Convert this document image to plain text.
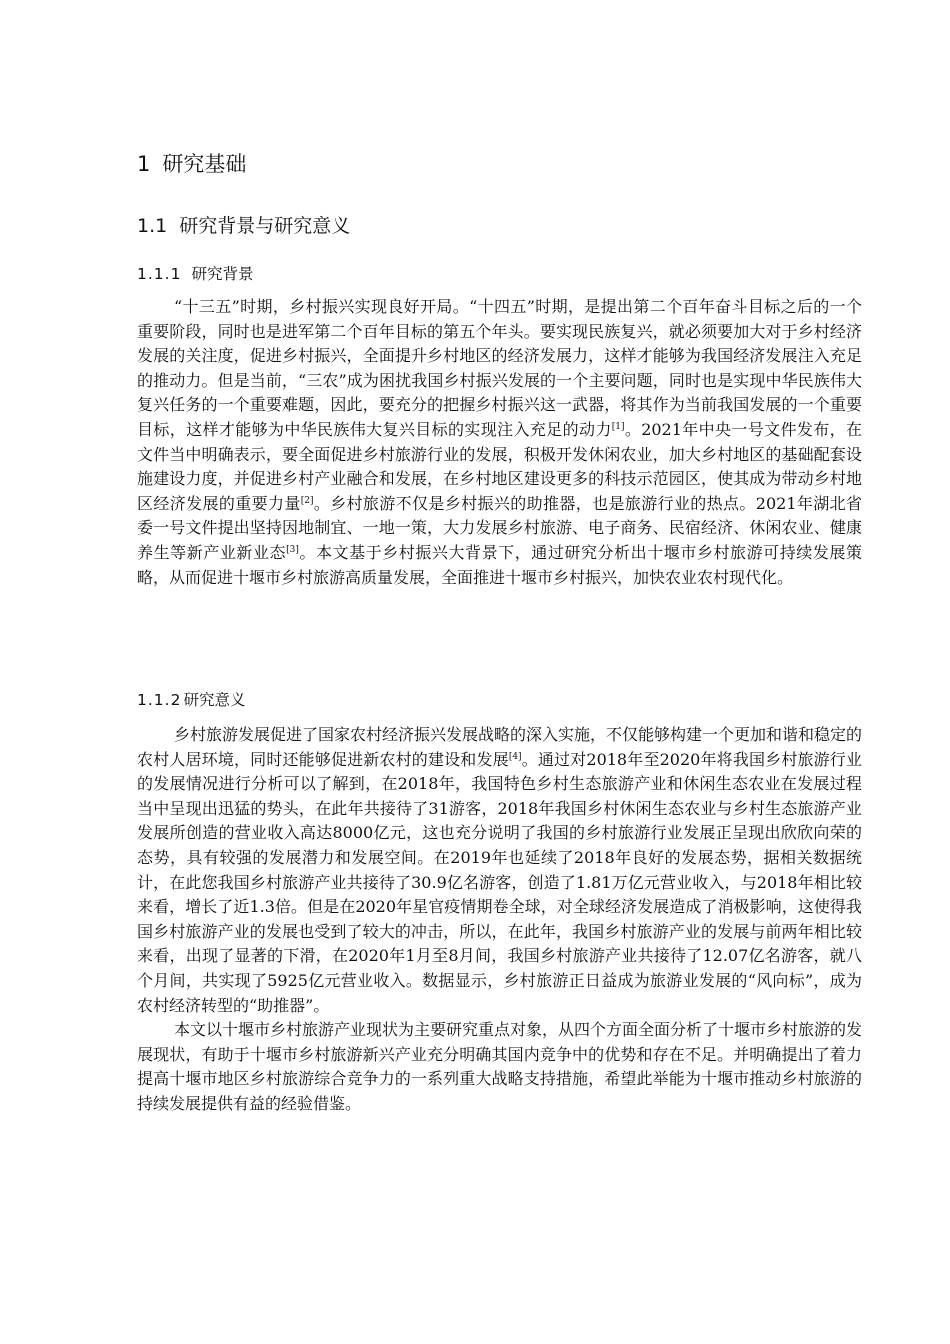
1 研究基础
1.1 研究背景与研究意义
1.1.1 研究背景

“十三五”时期，乡村振兴实现良好开局。“十四五”时期，是提出第二个百年奋斗目标之后的一个重要阶段，同时也是进军第二个百年目标的第五个年头。要实现民族复兴，就必须要加大对于乡村经济发展的关注度，促进乡村振兴，全面提升乡村地区的经济发展力，这样才能够为我国经济发展注入充足的推动力。但是当前，“三农”成为困扰我国乡村振兴发展的一个主要问题，同时也是实现中华民族伟大复兴任务的一个重要难题，因此，要充分的把握乡村振兴这一武器，将其作为当前我国发展的一个重要目标，这样才能够为中华民族伟大复兴目标的实现注入充足的动力[1]。2021年中央一号文件发布，在文件当中明确表示，要全面促进乡村旅游行业的发展，积极开发休闲农业，加大乡村地区的基础配套设施建设力度，并促进乡村产业融合和发展，在乡村地区建设更多的科技示范园区，使其成为带动乡村地区经济发展的重要力量[2]。乡村旅游不仅是乡村振兴的助推器，也是旅游行业的热点。2021年湖北省委一号文件提出坚持因地制宜、一地一策，大力发展乡村旅游、电子商务、民宿经济、休闲农业、健康养生等新产业新业态[3]。本文基于乡村振兴大背景下，通过研究分析出十堰市乡村旅游可持续发展策略，从而促进十堰市乡村旅游高质量发展，全面推进十堰市乡村振兴，加快农业农村现代化。

1.1.2 研究意义

乡村旅游发展促进了国家农村经济振兴发展战略的深入实施，不仅能够构建一个更加和谐和稳定的农村人居环境，同时还能够促进新农村的建设和发展[4]。通过对2018年至2020年将我国乡村旅游行业的发展情况进行分析可以了解到，在2018年，我国特色乡村生态旅游产业和休闲生态农业在发展过程当中呈现出迅猛的势头，在此年共接待了31游客，2018年我国乡村休闲生态农业与乡村生态旅游产业发展所创造的营业收入高达8000亿元，这也充分说明了我国的乡村旅游行业发展正呈现出欣欣向荣的态势，具有较强的发展潜力和发展空间。在2019年也延续了2018年良好的发展态势，据相关数据统计，在此您我国乡村旅游产业共接待了30.9亿名游客，创造了1.81万亿元营业收入，与2018年相比较来看，增长了近1.3倍。但是在2020年星官疫情期卷全球，对全球经济发展造成了消极影响，这使得我国乡村旅游产业的发展也受到了较大的冲击，所以，在此年，我国乡村旅游产业的发展与前两年相比较来看，出现了显著的下滑，在2020年1月至8月间，我国乡村旅游产业共接待了12.07亿名游客，就八个月间，共实现了5925亿元营业收入。数据显示，乡村旅游正日益成为旅游业发展的“风向标”，成为农村经济转型的“助推器”。

本文以十堰市乡村旅游产业现状为主要研究重点对象，从四个方面全面分析了十堰市乡村旅游的发展现状，有助于十堰市乡村旅游新兴产业充分明确其国内竞争中的优势和存在不足。并明确提出了着力提高十堰市地区乡村旅游综合竞争力的一系列重大战略支持措施，希望此举能为十堰市推动乡村旅游的持续发展提供有益的经验借鉴。
